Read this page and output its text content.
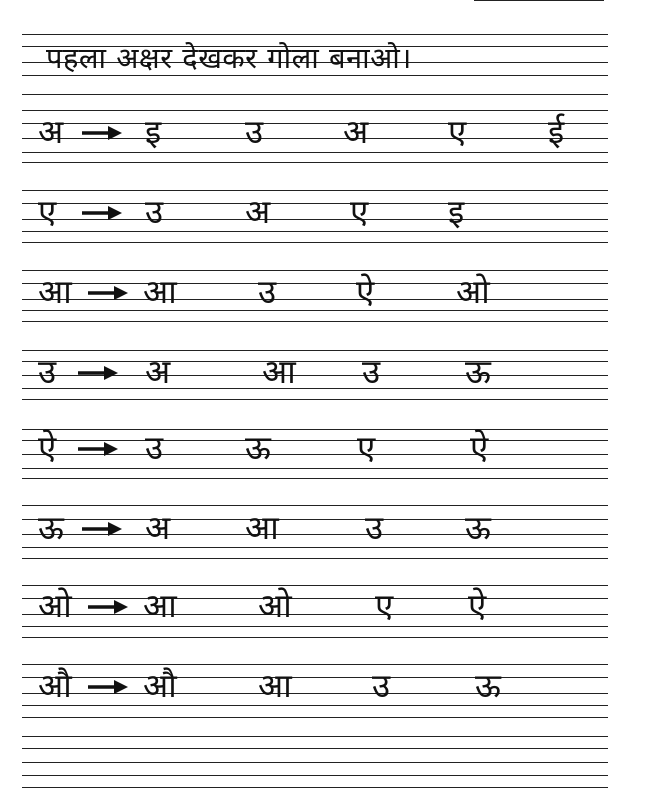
पहला अक्षर देखकर गोला बनाओ।
अ इ	उ अ ए ई
ए	उ अ ए इ
आ आ उ ऐ ओ
उ	अ	आ उ	ऊ
ऐ	उ ऊ	ए	ऐ
ऊ अ आ	उ ऊ
ओ आ ओ	ए ऐ
औ औ आ उ	ऊ
